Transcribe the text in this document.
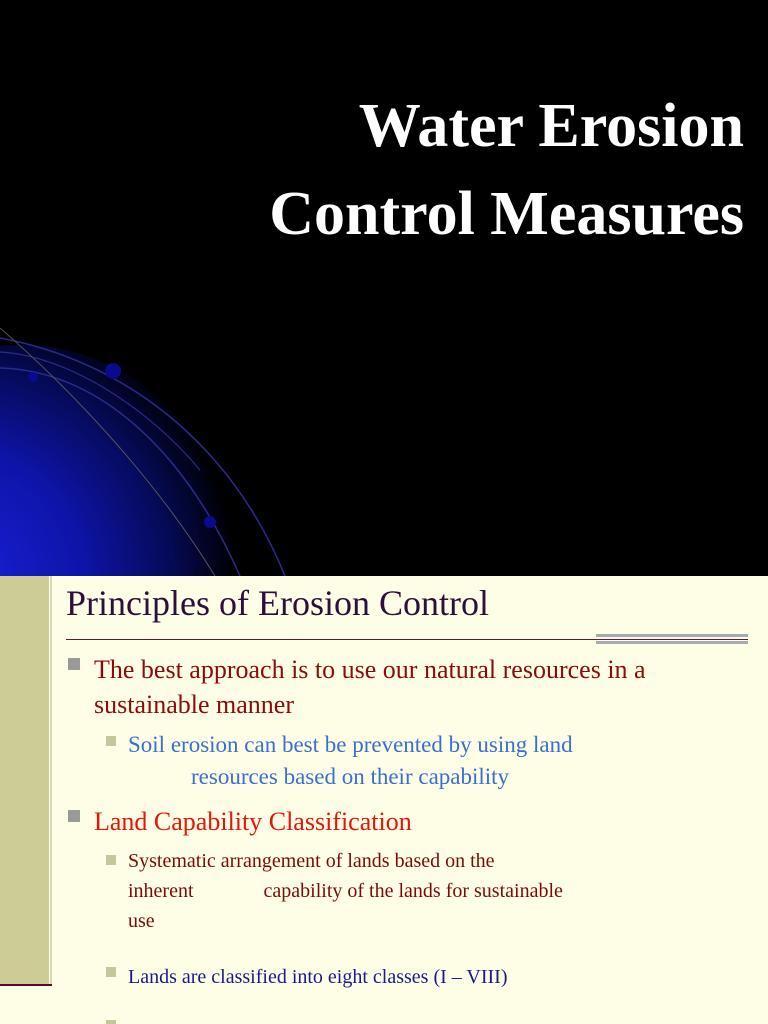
Water Erosion
Control Measures
Principles of Erosion Control
The best approach is to use our natural resources in a
sustainable manner
Soil erosion can best be prevented by using land
resources based on their capability
Land Capability Classification
Systematic arrangement of lands based on the
inherent	capability of the lands for sustainable
use
Lands are classified into eight classes (I – VIII)
